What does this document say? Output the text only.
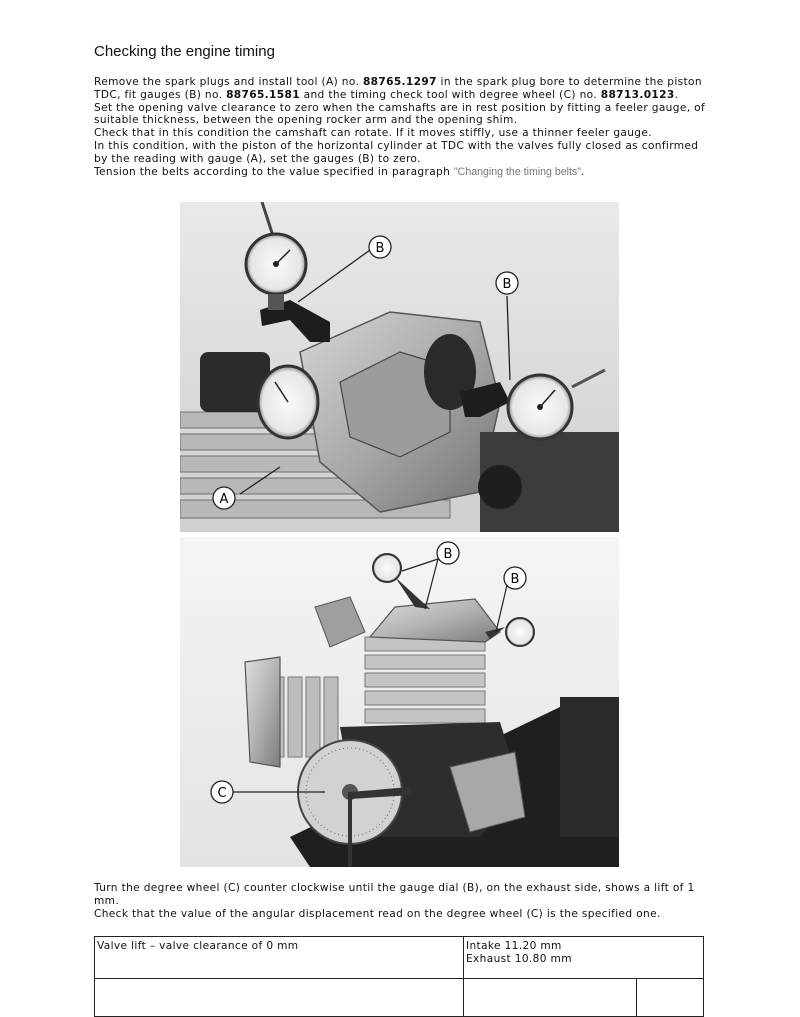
Checking the engine timing

Remove the spark plugs and install tool (A) no. 88765.1297 in the spark plug bore to determine the piston TDC, fit gauges (B) no. 88765.1581 and the timing check tool with degree wheel (C) no. 88713.0123.

Set the opening valve clearance to zero when the camshafts are in rest position by fitting a feeler gauge, of suitable thickness, between the opening rocker arm and the opening shim.

Check that in this condition the camshaft can rotate. If it moves stiffly, use a thinner feeler gauge.

In this condition, with the piston of the horizontal cylinder at TDC with the valves fully closed as confirmed by the reading with gauge (A), set the gauges (B) to zero.

Tension the belts according to the value specified in paragraph "Changing the timing belts".

B
B
A
B
B
C

Turn the degree wheel (C) counter clockwise until the gauge dial (B), on the exhaust side, shows a lift of 1 mm.

Check that the value of the angular displacement read on the degree wheel (C) is the specified one.

Valve lift – valve clearance of 0 mm	Intake 11.20 mm
Exhaust 10.80 mm	
